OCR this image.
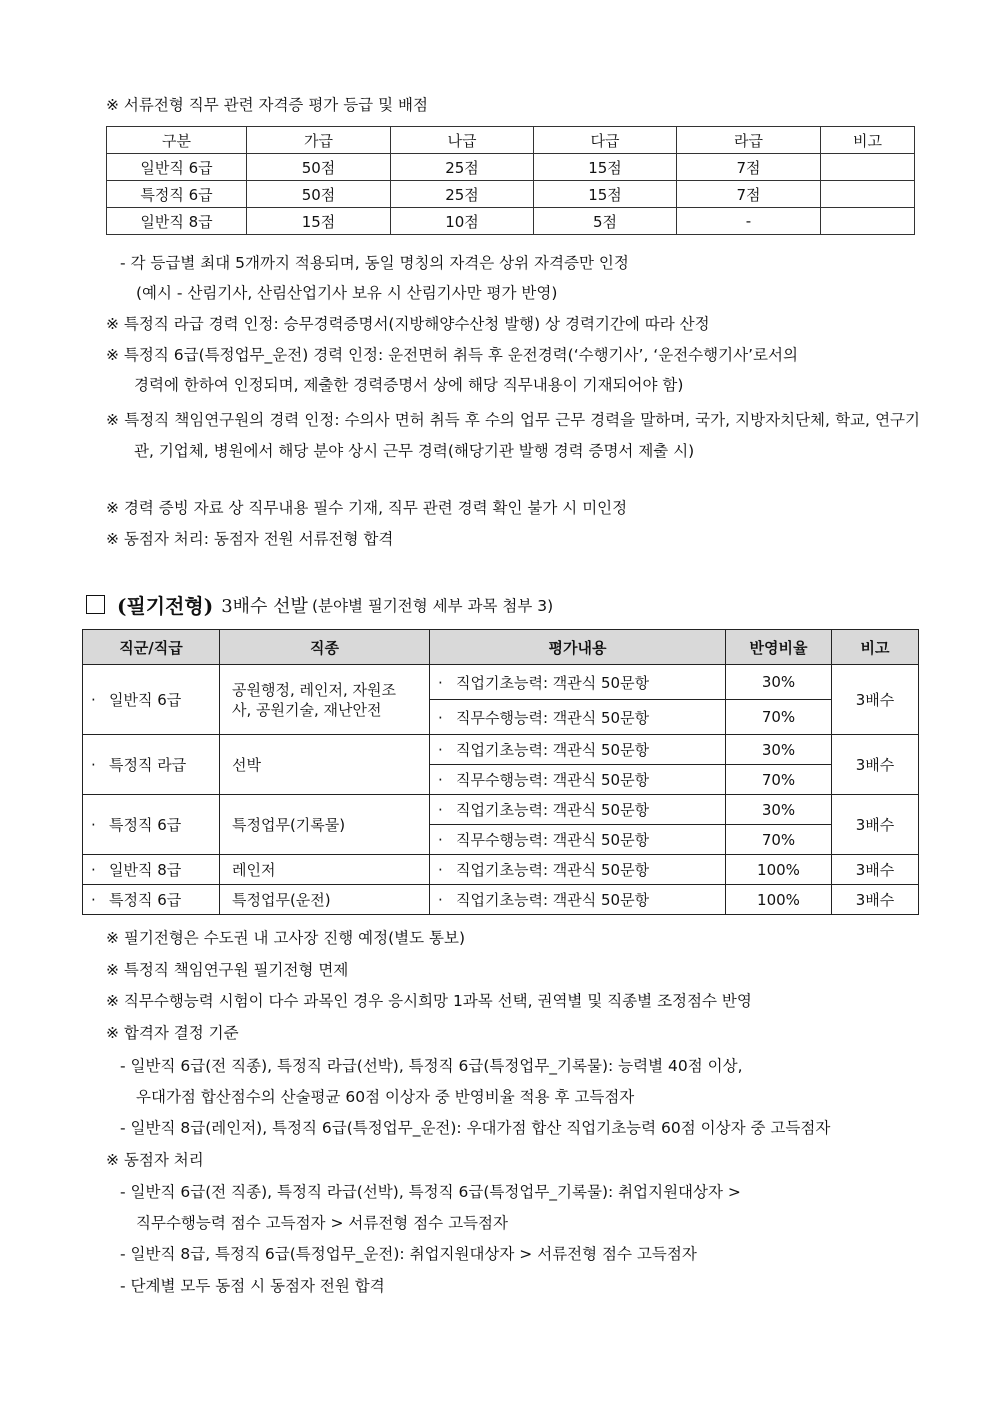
※ 서류전형 직무 관련 자격증 평가 등급 및 배점
구분	가급	나급	다급	라급	비고
일반직 6급	50점	25점	15점	7점	
특정직 6급	50점	25점	15점	7점	
일반직 8급	15점	10점	5점	-	
- 각 등급별 최대 5개까지 적용되며, 동일 명칭의 자격은 상위 자격증만 인정
(예시 - 산림기사, 산림산업기사 보유 시 산림기사만 평가 반영)
※ 특정직 라급 경력 인정: 승무경력증명서(지방해양수산청 발행) 상 경력기간에 따라 산정
※ 특정직 6급(특정업무_운전) 경력 인정: 운전면허 취득 후 운전경력(‘수행기사’, ‘운전수행기사’로서의
경력에 한하여 인정되며, 제출한 경력증명서 상에 해당 직무내용이 기재되어야 함)
※ 특정직 책임연구원의 경력 인정: 수의사 면허 취득 후 수의 업무 근무 경력을 말하며, 국가, 지방자치단체, 학교, 연구기관, 기업체, 병원에서 해당 분야 상시 근무 경력(해당기관 발행 경력 증명서 제출 시)
※ 경력 증빙 자료 상 직무내용 필수 기재, 직무 관련 경력 확인 불가 시 미인정
※ 동점자 처리: 동점자 전원 서류전형 합격
(필기전형) 3배수 선발 (분야별 필기전형 세부 과목 첨부 3)
직군/직급	직종	평가내용	반영비율	비고
· 일반직 6급	공원행정, 레인저, 자원조사, 공원기술, 재난안전	· 직업기초능력: 객관식 50문항	30%	3배수
		· 직무수행능력: 객관식 50문항	70%	
· 특정직 라급	선박	· 직업기초능력: 객관식 50문항	30%	3배수
		· 직무수행능력: 객관식 50문항	70%	
· 특정직 6급	특정업무(기록물)	· 직업기초능력: 객관식 50문항	30%	3배수
		· 직무수행능력: 객관식 50문항	70%	
· 일반직 8급	레인저	· 직업기초능력: 객관식 50문항	100%	3배수
· 특정직 6급	특정업무(운전)	· 직업기초능력: 객관식 50문항	100%	3배수
※ 필기전형은 수도권 내 고사장 진행 예정(별도 통보)
※ 특정직 책임연구원 필기전형 면제
※ 직무수행능력 시험이 다수 과목인 경우 응시희망 1과목 선택, 권역별 및 직종별 조정점수 반영
※ 합격자 결정 기준
- 일반직 6급(전 직종), 특정직 라급(선박), 특정직 6급(특정업무_기록물): 능력별 40점 이상,
우대가점 합산점수의 산술평균 60점 이상자 중 반영비율 적용 후 고득점자
- 일반직 8급(레인저), 특정직 6급(특정업무_운전): 우대가점 합산 직업기초능력 60점 이상자 중 고득점자
※ 동점자 처리
- 일반직 6급(전 직종), 특정직 라급(선박), 특정직 6급(특정업무_기록물): 취업지원대상자 >
직무수행능력 점수 고득점자 > 서류전형 점수 고득점자
- 일반직 8급, 특정직 6급(특정업무_운전): 취업지원대상자 > 서류전형 점수 고득점자
- 단계별 모두 동점 시 동점자 전원 합격
